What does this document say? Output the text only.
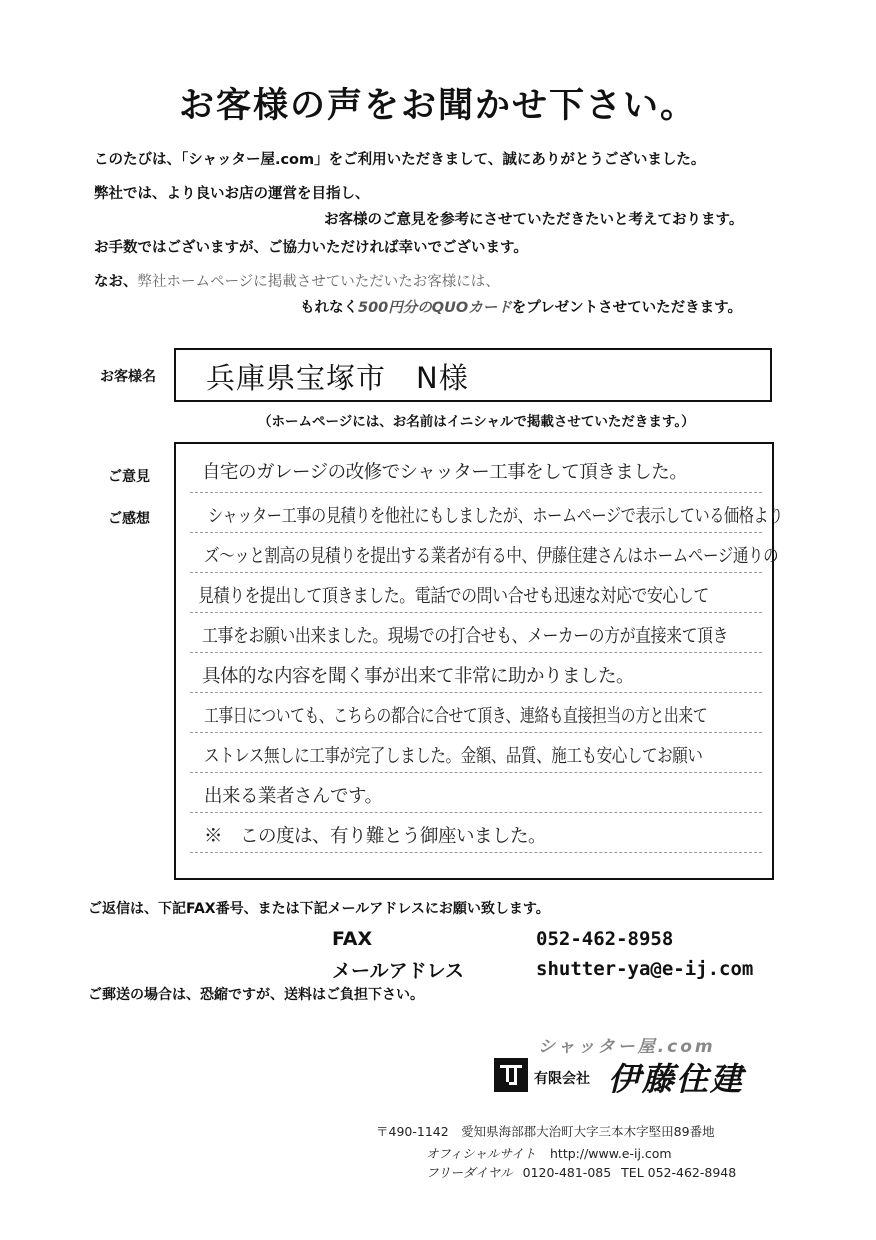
お客様の声をお聞かせ下さい。
このたびは、「シャッター屋.com」をご利用いただきまして、誠にありがとうございました。
弊社では、より良いお店の運営を目指し、
お客様のご意見を参考にさせていただきたいと考えております。
お手数ではございますが、ご協力いただければ幸いでございます。
なお、弊社ホームページに掲載させていただいたお客様には、
もれなく500円分のQUOカードをプレゼントさせていただきます。
お客様名 兵庫県宝塚市　N様
（ホームページには、お名前はイニシャルで掲載させていただきます。）
ご意見
ご感想
自宅のガレージの改修でシャッター工事をして頂きました。
シャッター工事の見積りを他社にもしましたが、ホームページで表示している価格より
ズ～ッと割高の見積りを提出する業者が有る中、伊藤住建さんはホームページ通りの
見積りを提出して頂きました。電話での問い合せも迅速な対応で安心して
工事をお願い出来ました。現場での打合せも、メーカーの方が直接来て頂き
具体的な内容を聞く事が出来て非常に助かりました。
工事日についても、こちらの都合に合せて頂き、連絡も直接担当の方と出来て
ストレス無しに工事が完了しました。金額、品質、施工も安心してお願い
出来る業者さんです。
※　この度は、有り難とう御座いました。
ご返信は、下記FAX番号、または下記メールアドレスにお願い致します。
FAX	052-462-8958
メールアドレス	shutter-ya@e-ij.com
ご郵送の場合は、恐縮ですが、送料はご負担下さい。
シャッター屋.com
有限会社 伊藤住建
〒490-1142　愛知県海部郡大治町大字三本木字堅田89番地
オフィシャルサイト http://www.e-ij.com
フリーダイヤル 0120-481-085 TEL 052-462-8948
